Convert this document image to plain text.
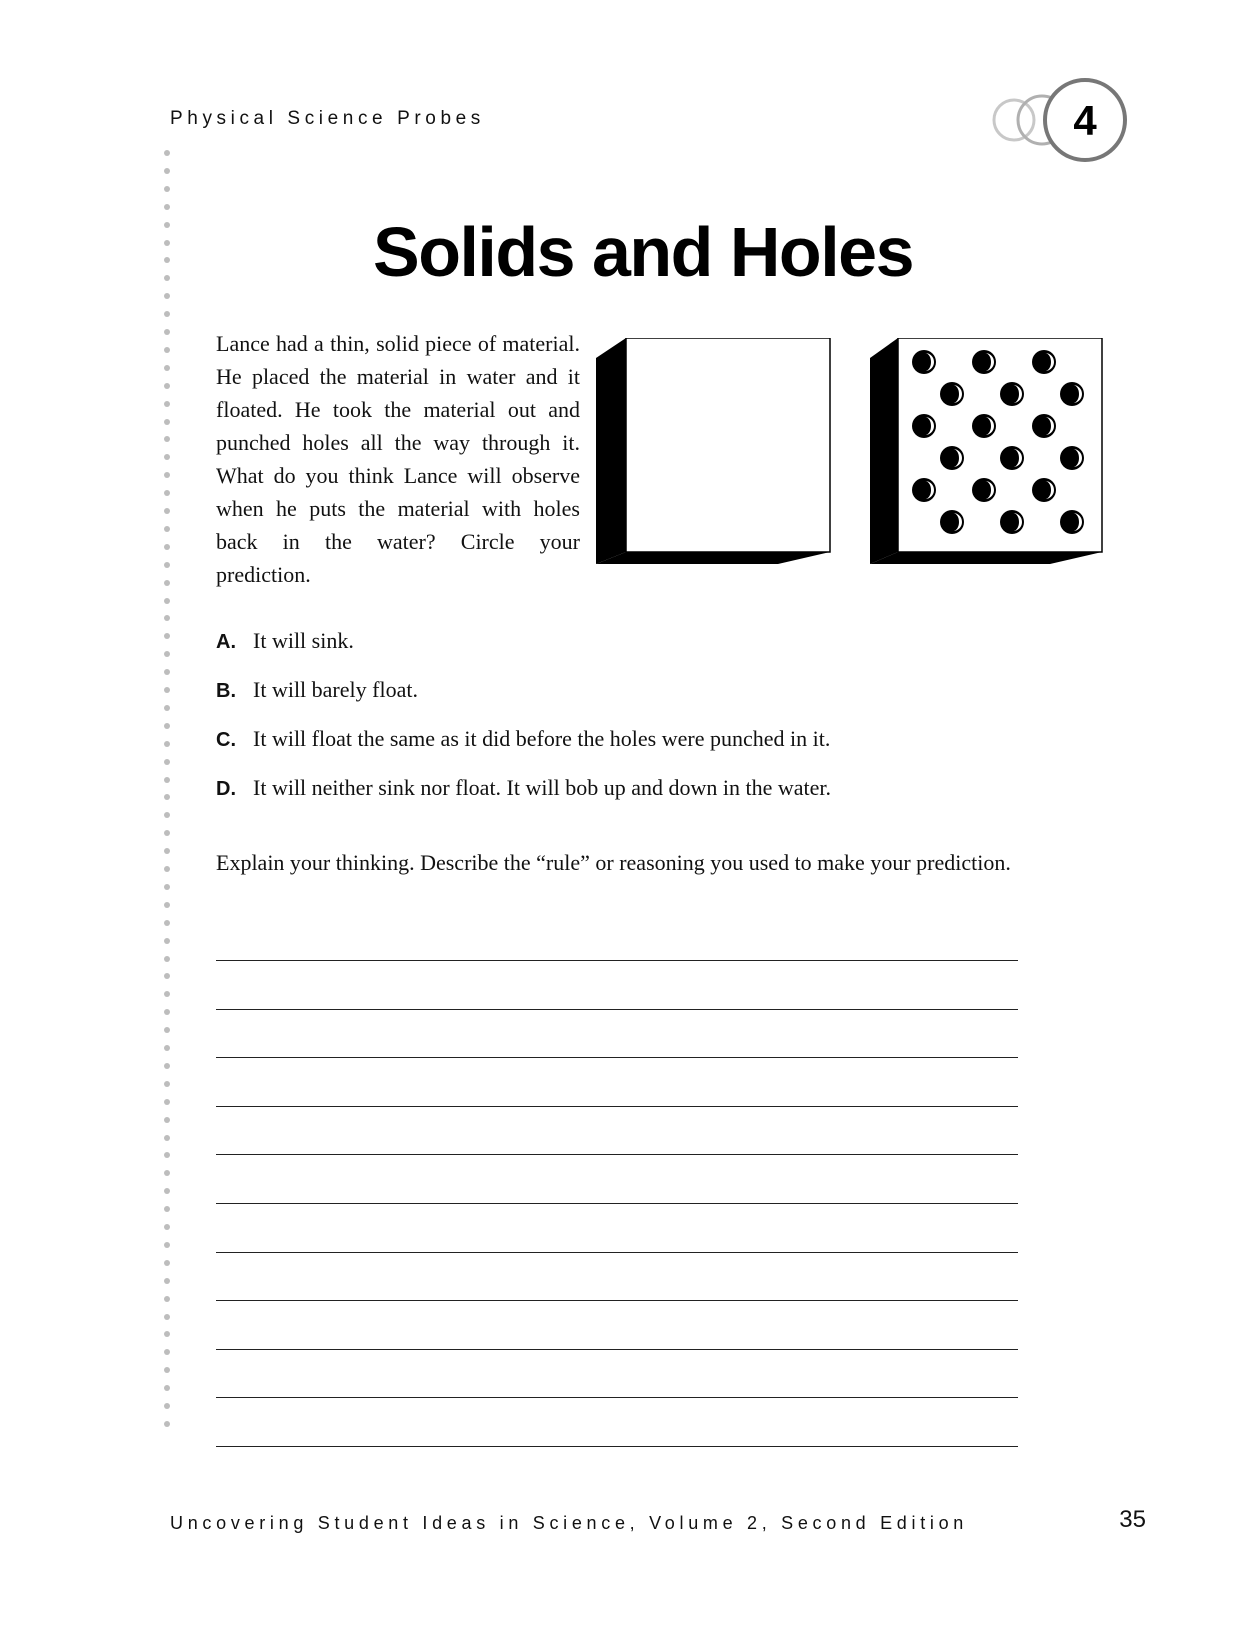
Physical Science Probes	4
Solids and Holes

Lance had a thin, solid piece of material. He placed the material in water and it floated. He took the material out and punched holes all the way through it. What do you think Lance will observe when he puts the material with holes back in the water? Circle your prediction.

A. It will sink.
B. It will barely float.
C. It will float the same as it did before the holes were punched in it.
D. It will neither sink nor float. It will bob up and down in the water.

Explain your thinking. Describe the “rule” or reasoning you used to make your prediction.

Uncovering Student Ideas in Science, Volume 2, Second Edition	35
